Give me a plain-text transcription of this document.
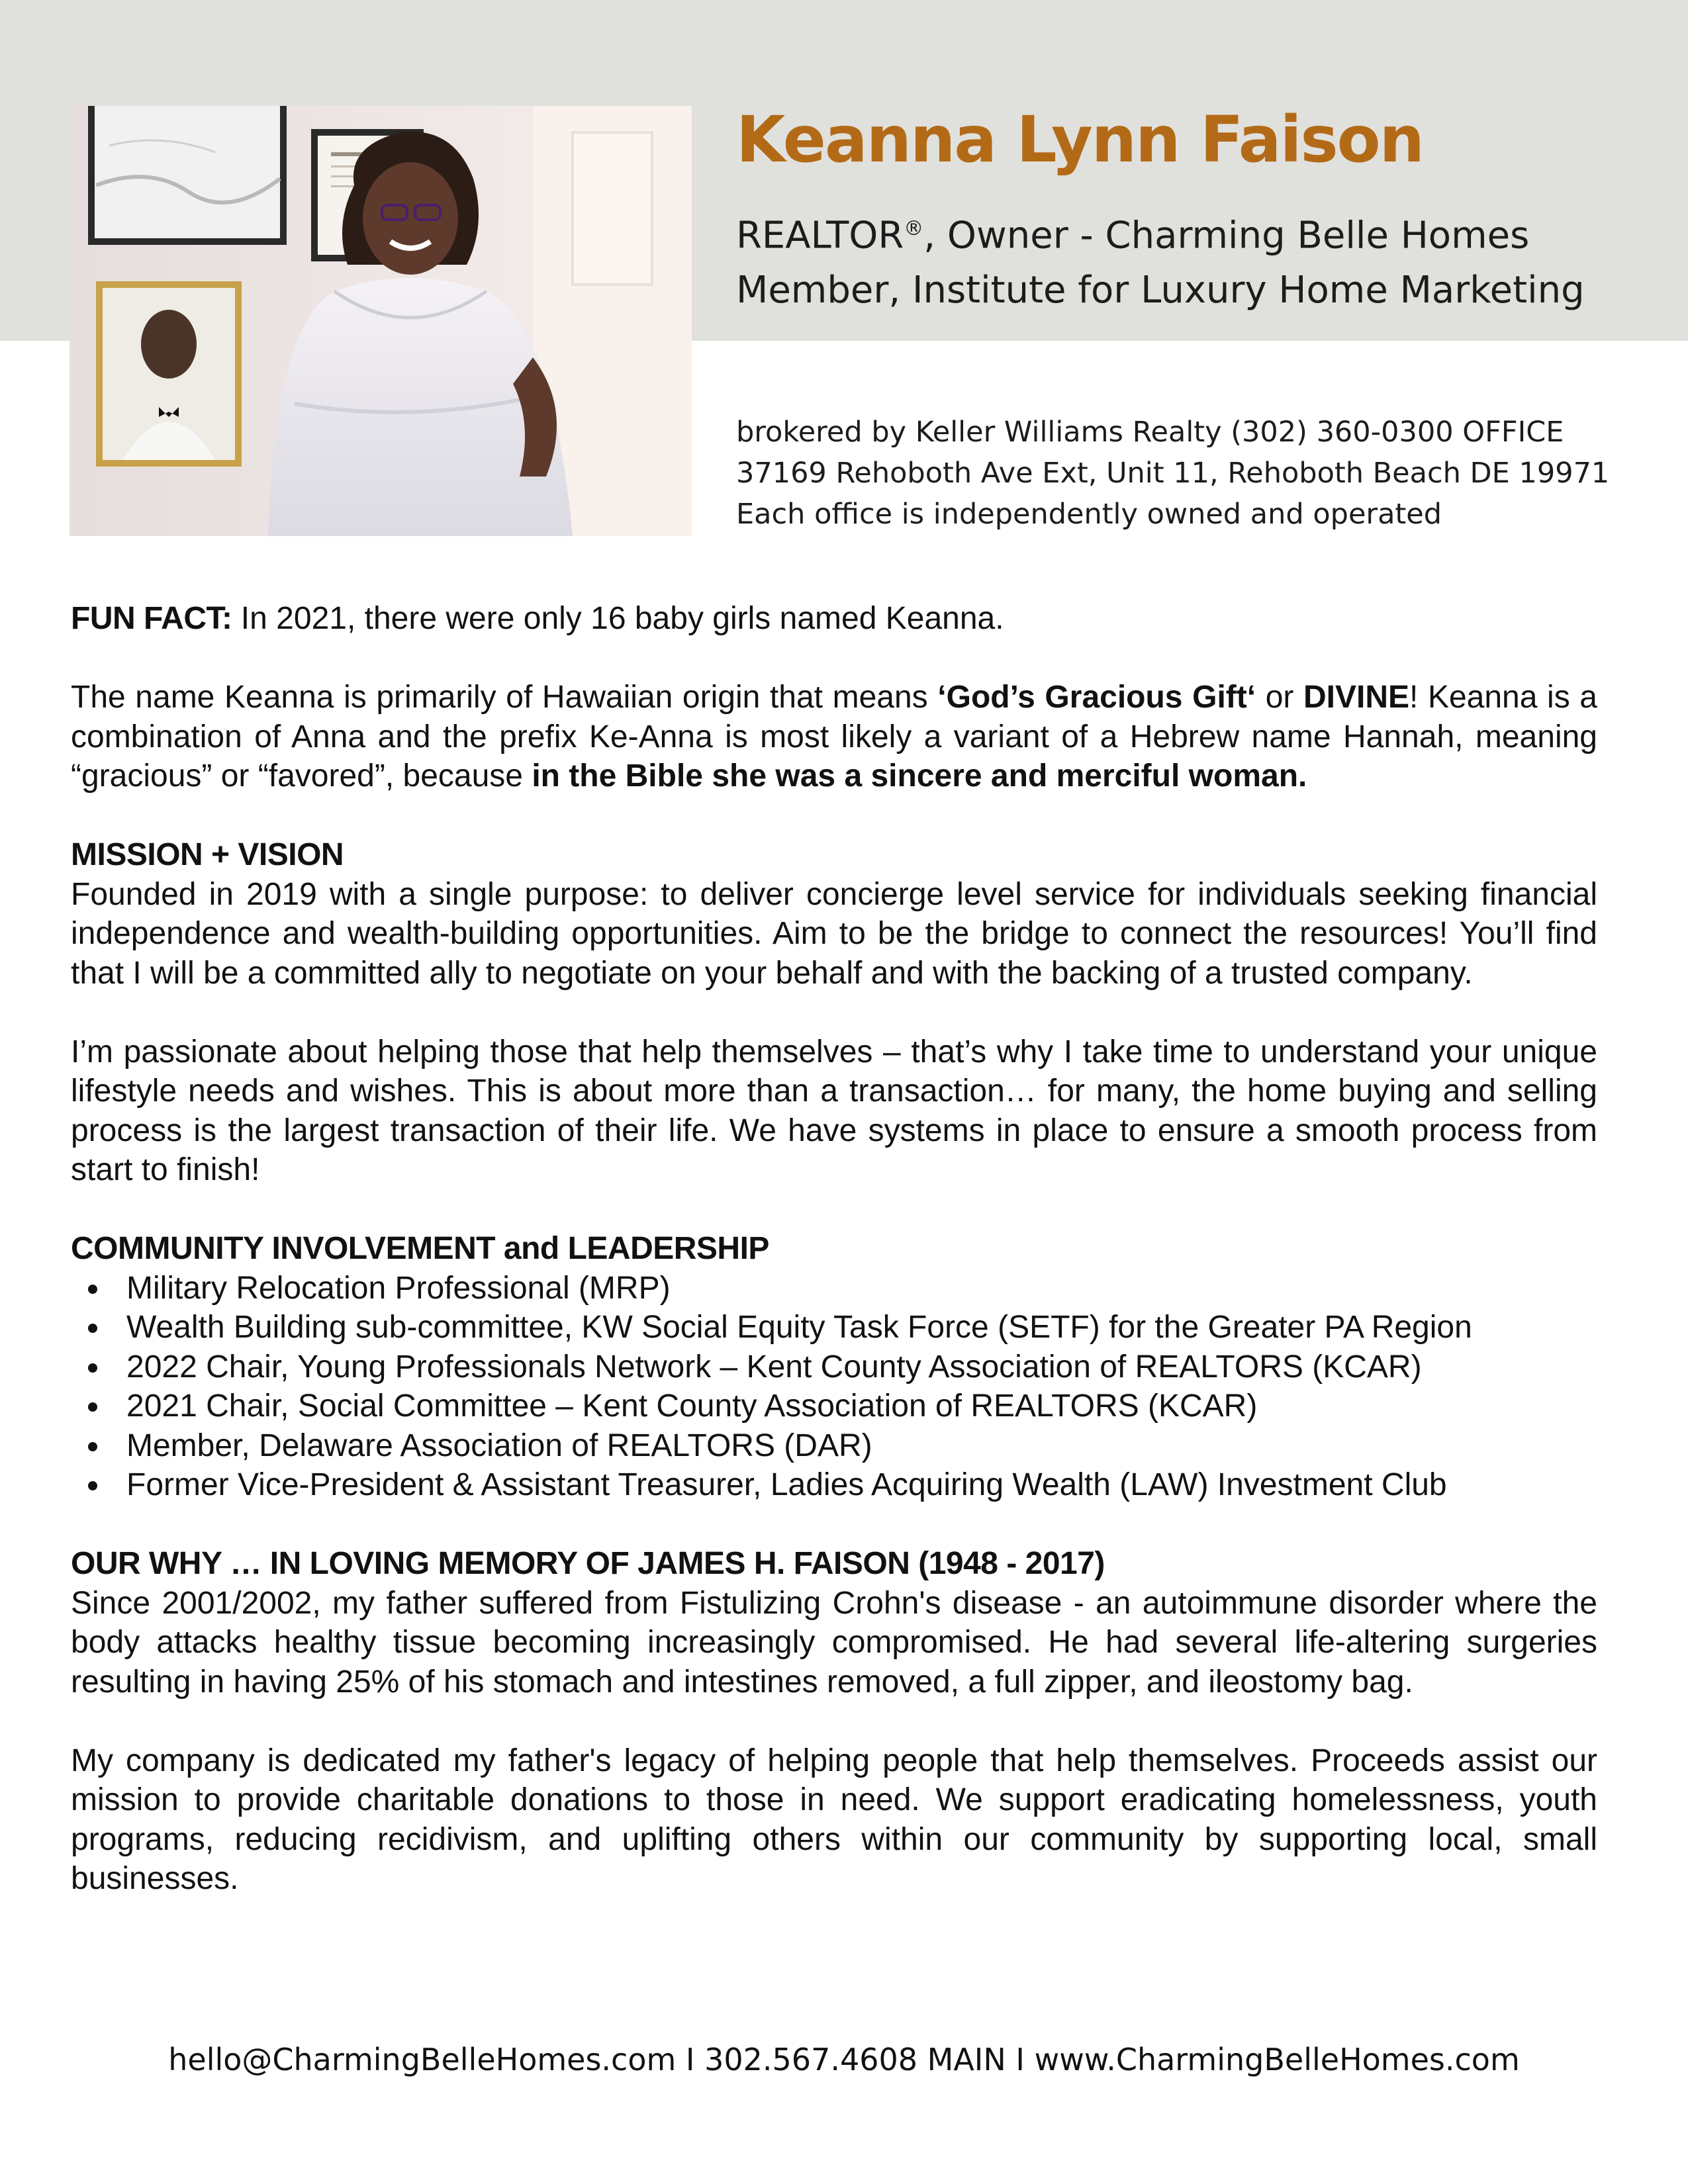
Keanna Lynn Faison
REALTOR®, Owner - Charming Belle Homes
Member, Institute for Luxury Home Marketing
brokered by Keller Williams Realty (302) 360-0300 OFFICE
37169 Rehoboth Ave Ext, Unit 11, Rehoboth Beach DE 19971
Each office is independently owned and operated

FUN FACT: In 2021, there were only 16 baby girls named Keanna.

The name Keanna is primarily of Hawaiian origin that means ‘God’s Gracious Gift‘ or DIVINE! Keanna is a combination of Anna and the prefix Ke-Anna is most likely a variant of a Hebrew name Hannah, meaning “gracious” or “favored”, because in the Bible she was a sincere and merciful woman.

MISSION + VISION

Founded in 2019 with a single purpose: to deliver concierge level service for individuals seeking financial independence and wealth-building opportunities. Aim to be the bridge to connect the resources! You’ll find that I will be a committed ally to negotiate on your behalf and with the backing of a trusted company.

I’m passionate about helping those that help themselves – that’s why I take time to understand your unique lifestyle needs and wishes. This is about more than a transaction… for many, the home buying and selling process is the largest transaction of their life. We have systems in place to ensure a smooth process from start to finish!

COMMUNITY INVOLVEMENT and LEADERSHIP
Military Relocation Professional (MRP)
Wealth Building sub-committee, KW Social Equity Task Force (SETF) for the Greater PA Region
2022 Chair, Young Professionals Network – Kent County Association of REALTORS (KCAR)
2021 Chair, Social Committee – Kent County Association of REALTORS (KCAR)
Member, Delaware Association of REALTORS (DAR)
Former Vice-President & Assistant Treasurer, Ladies Acquiring Wealth (LAW) Investment Club
OUR WHY … IN LOVING MEMORY OF JAMES H. FAISON (1948 - 2017)

Since 2001/2002, my father suffered from Fistulizing Crohn's disease - an autoimmune disorder where the body attacks healthy tissue becoming increasingly compromised. He had several life-altering surgeries resulting in having 25% of his stomach and intestines removed, a full zipper, and ileostomy bag.

My company is dedicated my father's legacy of helping people that help themselves. Proceeds assist our mission to provide charitable donations to those in need. We support eradicating homelessness, youth programs, reducing recidivism, and uplifting others within our community by supporting local, small businesses.

hello@CharmingBelleHomes.com I 302.567.4608 MAIN I www.CharmingBelleHomes.com
